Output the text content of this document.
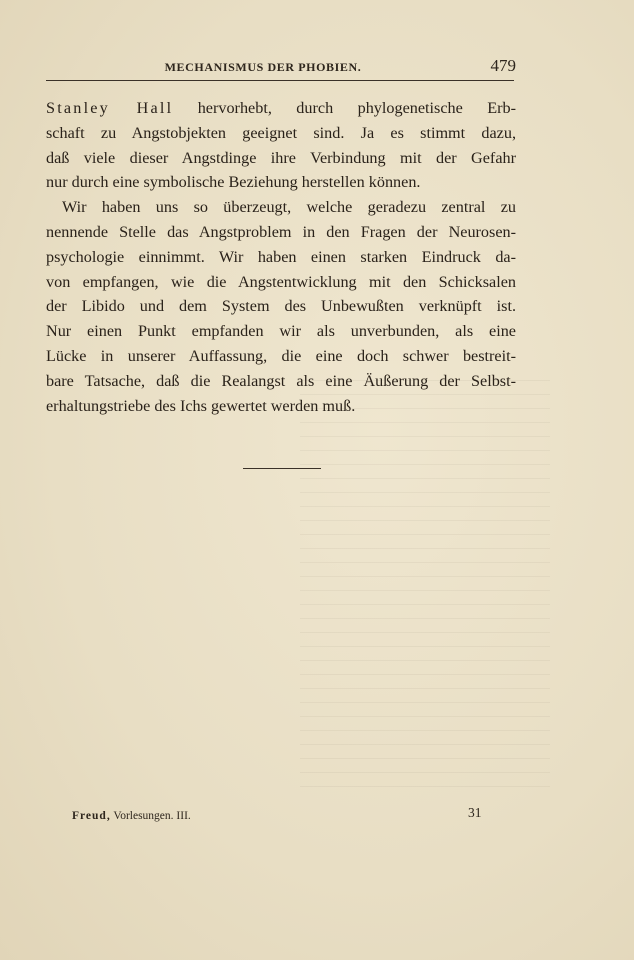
MECHANISMUS DER PHOBIEN.	479
Stanley Hall hervorhebt, durch phylogenetische Erb-
schaft zu Angstobjekten geeignet sind. Ja es stimmt dazu,
daß viele dieser Angstdinge ihre Verbindung mit der Gefahr
nur durch eine symbolische Beziehung herstellen können.
Wir haben uns so überzeugt, welche geradezu zentral zu
nennende Stelle das Angstproblem in den Fragen der Neurosen-
psychologie einnimmt. Wir haben einen starken Eindruck da-
von empfangen, wie die Angstentwicklung mit den Schicksalen
der Libido und dem System des Unbewußten verknüpft ist.
Nur einen Punkt empfanden wir als unverbunden, als eine
Lücke in unserer Auffassung, die eine doch schwer bestreit-
bare Tatsache, daß die Realangst als eine Äußerung der Selbst-
erhaltungstriebe des Ichs gewertet werden muß.
Freud, Vorlesungen. III.	31
